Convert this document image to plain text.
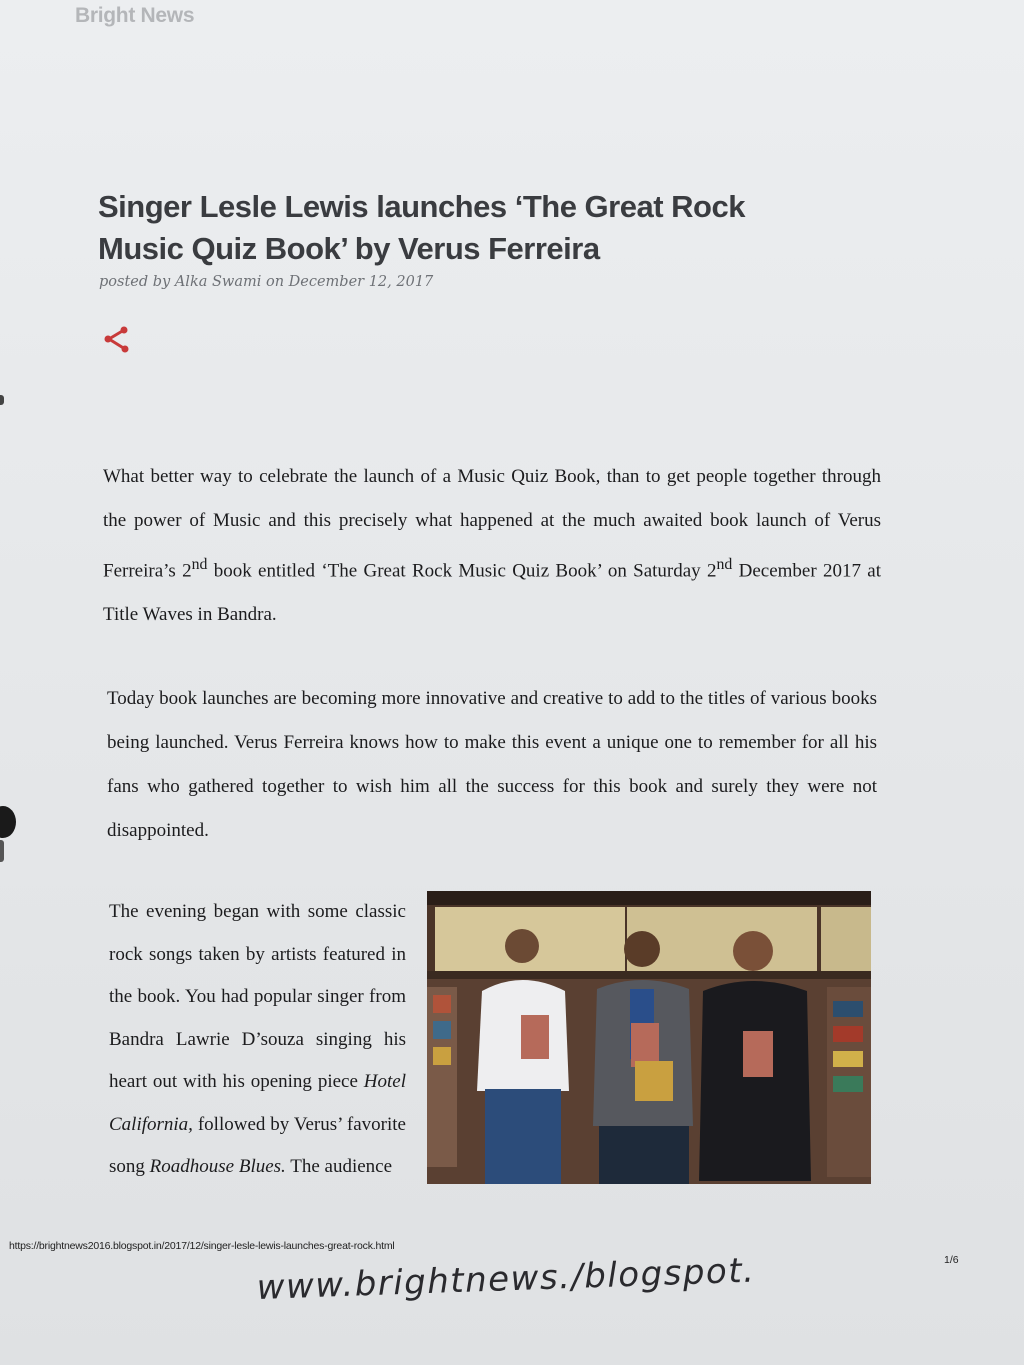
Bright News
Singer Lesle Lewis launches ‘The Great Rock Music Quiz Book’ by Verus Ferreira
posted by Alka Swami on December 12, 2017

What better way to celebrate the launch of a Music Quiz Book, than to get people together through the power of Music and this precisely what happened at the much awaited book launch of Verus Ferreira’s 2nd book entitled ‘The Great Rock Music Quiz Book’ on Saturday 2nd December 2017 at Title Waves in Bandra.

Today book launches are becoming more innovative and creative to add to the titles of various books being launched. Verus Ferreira knows how to make this event a unique one to remember for all his fans who gathered together to wish him all the success for this book and surely they were not disappointed.

The evening began with some classic rock songs taken by artists featured in the book. You had popular singer from Bandra Lawrie D’souza singing his heart out with his opening piece Hotel California, followed by Verus’ favorite song Roadhouse Blues. The audience

https://brightnews2016.blogspot.in/2017/12/singer-lesle-lewis-launches-great-rock.html
1/6
www.brightnews./blogspot.
